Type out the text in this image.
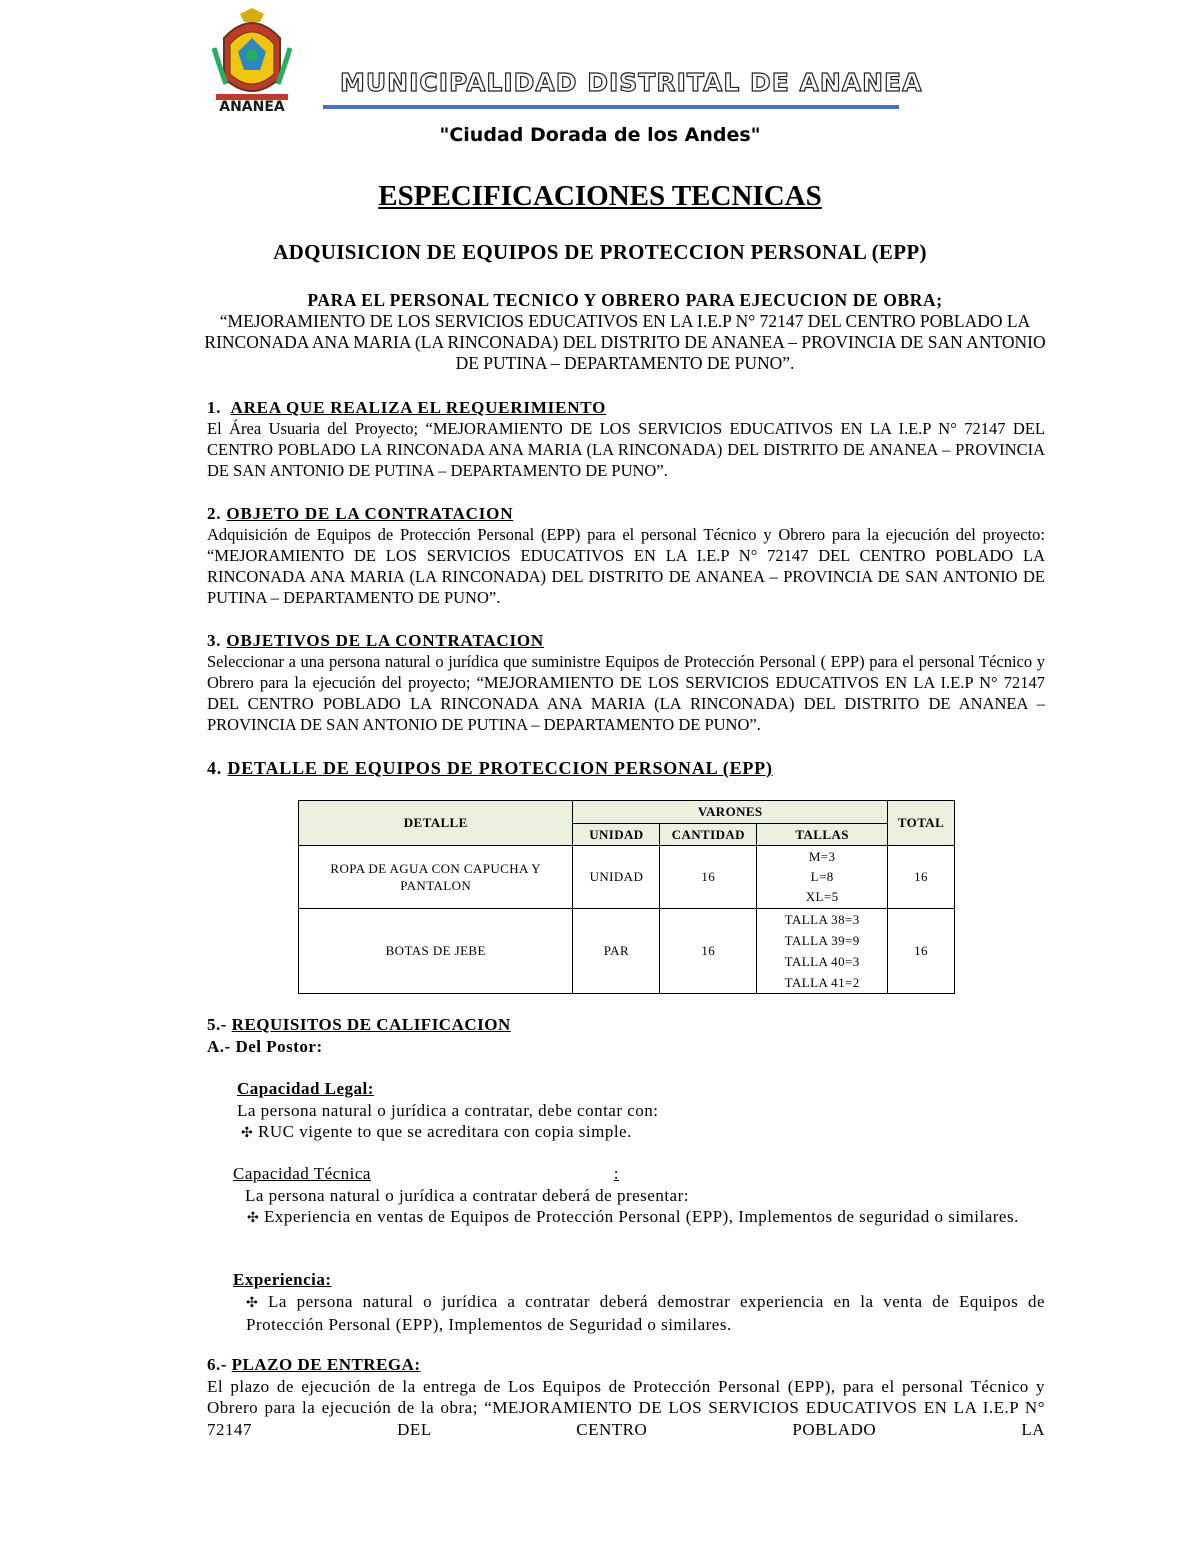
ANANEA
MUNICIPALIDAD DISTRITAL DE ANANEA
"Ciudad Dorada de los Andes"
ESPECIFICACIONES TECNICAS
ADQUISICION DE EQUIPOS DE PROTECCION PERSONAL (EPP)
PARA EL PERSONAL TECNICO Y OBRERO PARA EJECUCION DE OBRA;
“MEJORAMIENTO DE LOS SERVICIOS EDUCATIVOS EN LA I.E.P N° 72147 DEL CENTRO POBLADO LA RINCONADA ANA MARIA (LA RINCONADA) DEL DISTRITO DE ANANEA – PROVINCIA DE SAN ANTONIO DE PUTINA – DEPARTAMENTO DE PUNO”.
1. AREA QUE REALIZA EL REQUERIMIENTO
El Área Usuaria del Proyecto; “MEJORAMIENTO DE LOS SERVICIOS EDUCATIVOS EN LA I.E.P N° 72147 DEL CENTRO POBLADO LA RINCONADA ANA MARIA (LA RINCONADA) DEL DISTRITO DE ANANEA – PROVINCIA DE SAN ANTONIO DE PUTINA – DEPARTAMENTO DE PUNO”.
2. OBJETO DE LA CONTRATACION
Adquisición de Equipos de Protección Personal (EPP) para el personal Técnico y Obrero para la ejecución del proyecto: “MEJORAMIENTO DE LOS SERVICIOS EDUCATIVOS EN LA I.E.P N° 72147 DEL CENTRO POBLADO LA RINCONADA ANA MARIA (LA RINCONADA) DEL DISTRITO DE ANANEA – PROVINCIA DE SAN ANTONIO DE PUTINA – DEPARTAMENTO DE PUNO”.
3. OBJETIVOS DE LA CONTRATACION
Seleccionar a una persona natural o jurídica que suministre Equipos de Protección Personal ( EPP) para el personal Técnico y Obrero para la ejecución del proyecto; “MEJORAMIENTO DE LOS SERVICIOS EDUCATIVOS EN LA I.E.P N° 72147 DEL CENTRO POBLADO LA RINCONADA ANA MARIA (LA RINCONADA) DEL DISTRITO DE ANANEA – PROVINCIA DE SAN ANTONIO DE PUTINA – DEPARTAMENTO DE PUNO”.
4. DETALLE DE EQUIPOS DE PROTECCION PERSONAL (EPP)
DETALLE	VARONES			TOTAL
	UNIDAD	CANTIDAD	TALLAS	
ROPA DE AGUA CON CAPUCHA Y PANTALON	UNIDAD	16	M=3
L=8
XL=5	16
BOTAS DE JEBE	PAR	16	TALLA 38=3
TALLA 39=9
TALLA 40=3
TALLA 41=2	16
5.- REQUISITOS DE CALIFICACION
A.- Del Postor:
Capacidad Legal:
La persona natural o jurídica a contratar, debe contar con:
✣ RUC vigente to que se acreditara con copia simple.
Capacidad Técnica	:
La persona natural o jurídica a contratar deberá de presentar:
✣ Experiencia en ventas de Equipos de Protección Personal (EPP), Implementos de seguridad o similares.
Experiencia:
✣ La persona natural o jurídica a contratar deberá demostrar experiencia en la venta de Equipos de Protección Personal (EPP), Implementos de Seguridad o similares.
6.- PLAZO DE ENTREGA:
El plazo de ejecución de la entrega de Los Equipos de Protección Personal (EPP), para el personal Técnico y Obrero para la ejecución de la obra; “MEJORAMIENTO DE LOS SERVICIOS EDUCATIVOS EN LA I.E.P N° 72147 DEL CENTRO POBLADO LA
